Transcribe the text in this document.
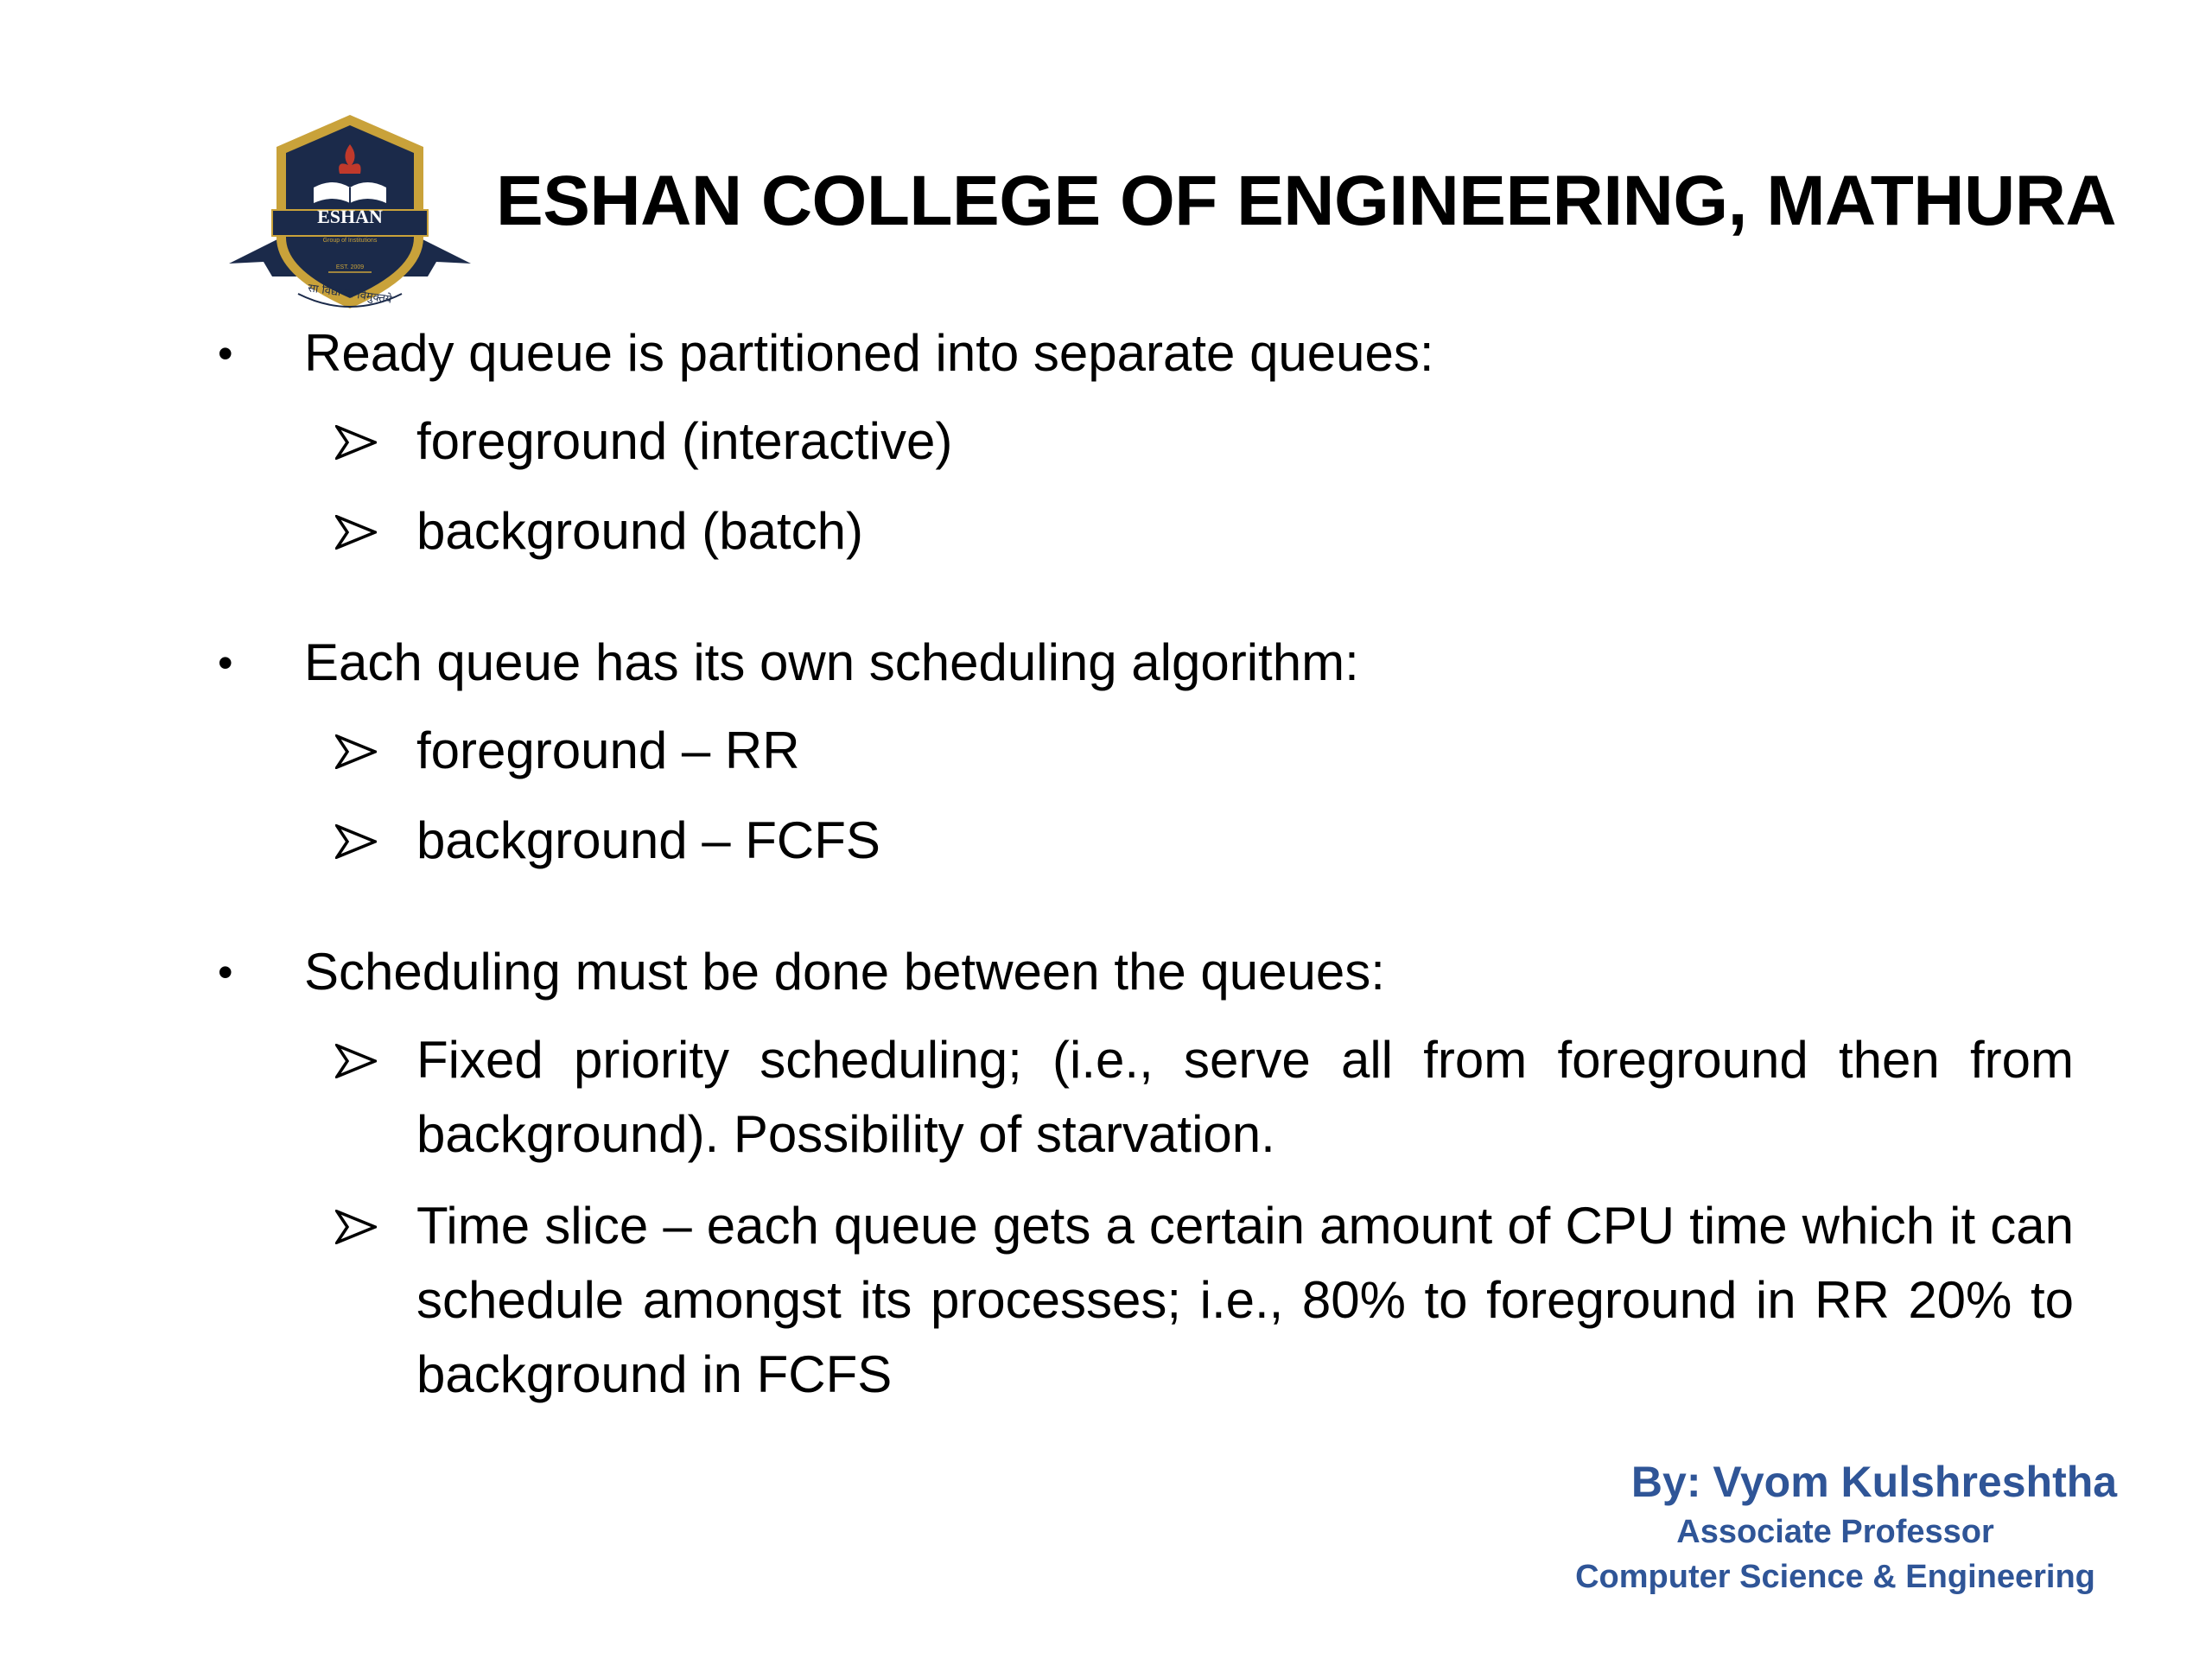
ESHAN
Group of Institutions
EST. 2009
सा विद्या या विमुक्तये
ESHAN COLLEGE OF ENGINEERING, MATHURA
• Ready queue is partitioned into separate queues:
foreground (interactive)
background (batch)
• Each queue has its own scheduling algorithm:
foreground – RR
background – FCFS
• Scheduling must be done between the queues:
Fixed priority scheduling; (i.e., serve all from foreground then from background). Possibility of starvation.
Time slice – each queue gets a certain amount of CPU time which it can schedule amongst its processes; i.e., 80% to foreground in RR 20% to background in FCFS
By: Vyom Kulshreshtha
Associate Professor
Computer Science & Engineering
